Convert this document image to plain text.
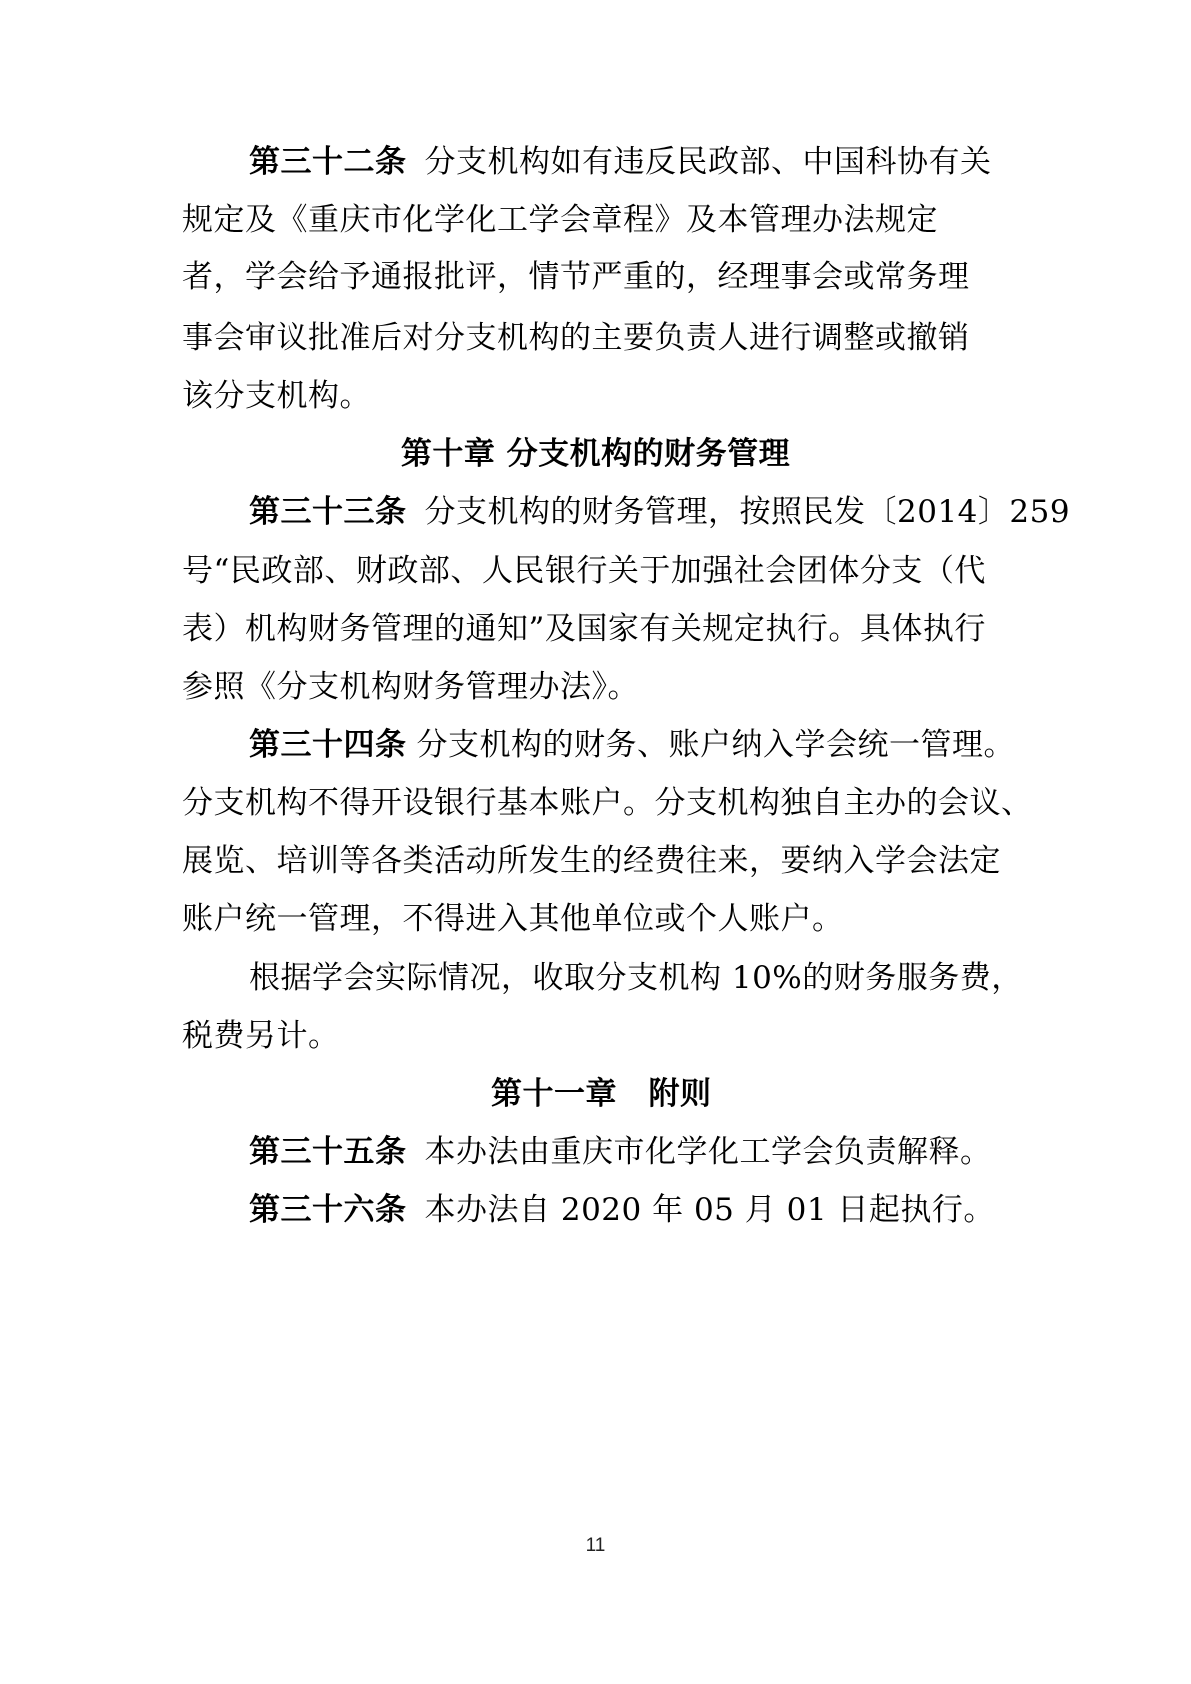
第三十二条 分支机构如有违反民政部、中国科协有关
规定及《重庆市化学化工学会章程》及本管理办法规定
者，学会给予通报批评，情节严重的，经理事会或常务理
事会审议批准后对分支机构的主要负责人进行调整或撤销
该分支机构。
第十章 分支机构的财务管理
第三十三条 分支机构的财务管理，按照民发〔2014〕259
号“民政部、财政部、人民银行关于加强社会团体分支（代
表）机构财务管理的通知”及国家有关规定执行。具体执行
参照《分支机构财务管理办法》。
第三十四条 分支机构的财务、账户纳入学会统一管理。
分支机构不得开设银行基本账户。分支机构独自主办的会议、
展览、培训等各类活动所发生的经费往来，要纳入学会法定
账户统一管理，不得进入其他单位或个人账户。
根据学会实际情况，收取分支机构 10%的财务服务费，
税费另计。
第十一章　附则
第三十五条 本办法由重庆市化学化工学会负责解释。
第三十六条 本办法自 2020 年 05 月 01 日起执行。
11
